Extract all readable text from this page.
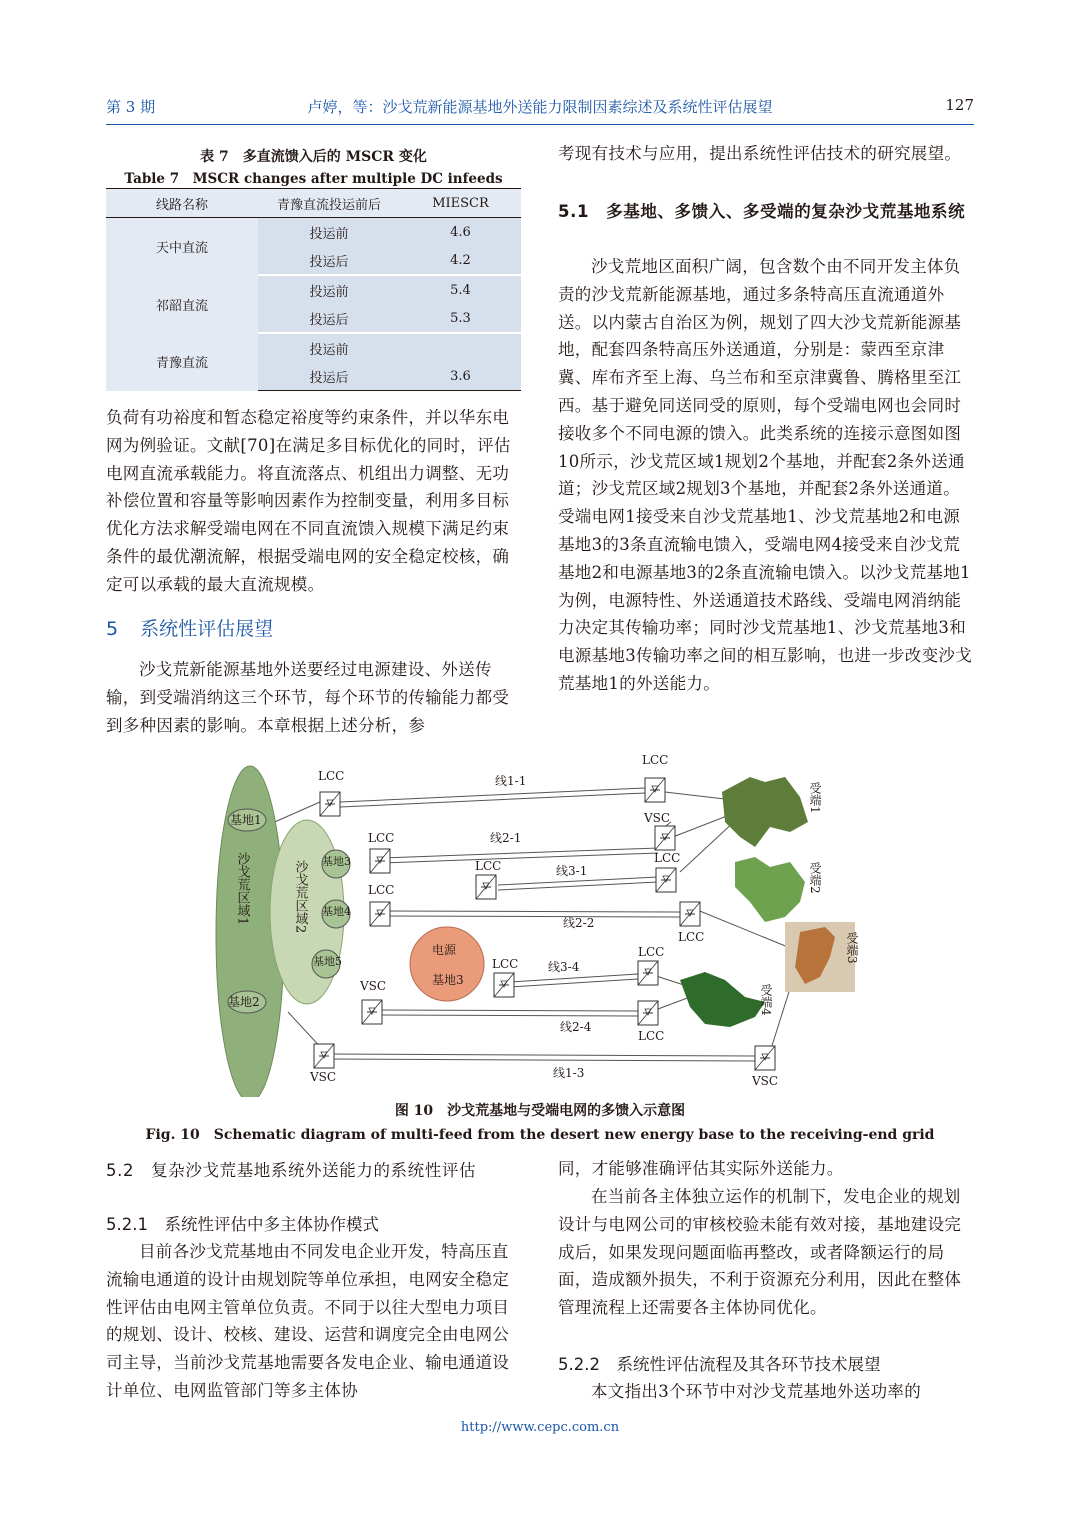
第 3 期	卢婷，等：沙戈荒新能源基地外送能力限制因素综述及系统性评估展望	127
表 7　多直流馈入后的 MSCR 变化
Table 7　MSCR changes after multiple DC infeeds
线路名称	青豫直流投运前后	MIESCR
天中直流	投运前	4.6
	投运后	4.2
祁韶直流	投运前	5.4
	投运后	5.3
青豫直流	投运前	
	投运后	3.6

负荷有功裕度和暂态稳定裕度等约束条件，并以华东电网为例验证。文献[70]在满足多目标优化的同时，评估电网直流承载能力。将直流落点、机组出力调整、无功补偿位置和容量等影响因素作为控制变量，利用多目标优化方法求解受端电网在不同直流馈入规模下满足约束条件的最优潮流解，根据受端电网的安全稳定校核，确定可以承载的最大直流规模。

5 系统性评估展望

沙戈荒新能源基地外送要经过电源建设、外送传输，到受端消纳这三个环节，每个环节的传输能力都受到多种因素的影响。本章根据上述分析，参

考现有技术与应用，提出系统性评估技术的研究展望。

5.1　多基地、多馈入、多受端的复杂沙戈荒基地系统

沙戈荒地区面积广阔，包含数个由不同开发主体负责的沙戈荒新能源基地，通过多条特高压直流通道外送。以内蒙古自治区为例，规划了四大沙戈荒新能源基地，配套四条特高压外送通道，分别是：蒙西至京津冀、库布齐至上海、乌兰布和至京津冀鲁、腾格里至江西。基于避免同送同受的原则，每个受端电网也会同时接收多个不同电源的馈入。此类系统的连接示意图如图10所示，沙戈荒区域1规划2个基地，并配套2条外送通道；沙戈荒区域2规划3个基地，并配套2条外送通道。受端电网1接受来自沙戈荒基地1、沙戈荒基地2和电源基地3的3条直流输电馈入，受端电网4接受来自沙戈荒基地2和电源基地3的2条直流输电馈入。以沙戈荒基地1为例，电源特性、外送通道技术路线、受端电网消纳能力决定其传输功率；同时沙戈荒基地1、沙戈荒基地3和电源基地3传输功率之间的相互影响，也进一步改变沙戈荒基地1的外送能力。

基地1
基地2
基地3
基地4
基地5
沙戈荒区域1	沙戈荒区域2
电源
基地3
LCC
LCC
LCC
LCC
LCC
LCC
LCC
LCC
LCC
LCC
VSC
VSC
VSC	VSC
线1-1
线2-1
线3-1
线2-2
线3-4
线2-4
线1-3
受端1
受端2
受端3
受端4
图 10　沙戈荒基地与受端电网的多馈入示意图
Fig. 10　Schematic diagram of multi-feed from the desert new energy base to the receiving-end grid
5.2　复杂沙戈荒基地系统外送能力的系统性评估
5.2.1　系统性评估中多主体协作模式

目前各沙戈荒基地由不同发电企业开发，特高压直流输电通道的设计由规划院等单位承担，电网安全稳定性评估由电网主管单位负责。不同于以往大型电力项目的规划、设计、校核、建设、运营和调度完全由电网公司主导，当前沙戈荒基地需要各发电企业、输电通道设计单位、电网监管部门等多主体协

同，才能够准确评估其实际外送能力。

在当前各主体独立运作的机制下，发电企业的规划设计与电网公司的审核校验未能有效对接，基地建设完成后，如果发现问题面临再整改，或者降额运行的局面，造成额外损失，不利于资源充分利用，因此在整体管理流程上还需要各主体协同优化。

5.2.2　系统性评估流程及其各环节技术展望

本文指出3个环节中对沙戈荒基地外送功率的

http://www.cepc.com.cn
